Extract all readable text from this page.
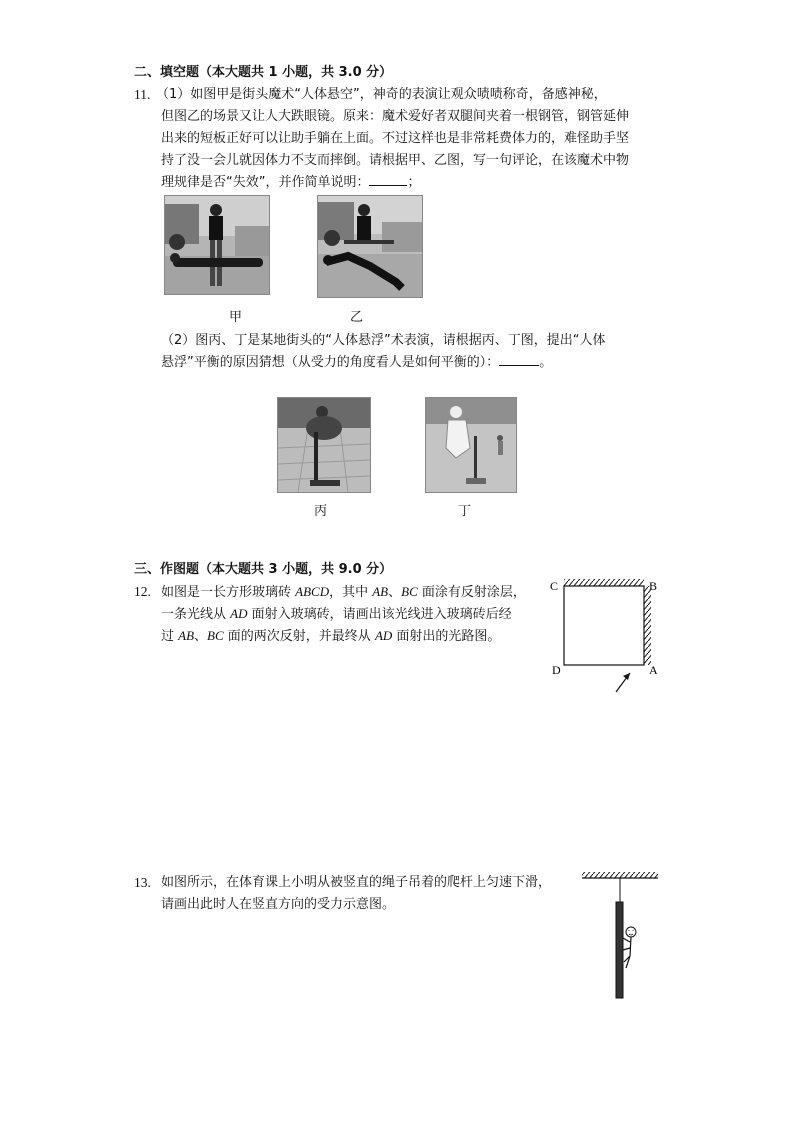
二、填空题（本大题共 1 小题，共 3.0 分）
11. （1）如图甲是街头魔术“人体悬空”，神奇的表演让观众啧啧称奇，备感神秘，
但图乙的场景又让人大跌眼镜。原来：魔术爱好者双腿间夹着一根钢管，钢管延伸
出来的短板正好可以让助手躺在上面。不过这样也是非常耗费体力的，难怪助手坚
持了没一会儿就因体力不支而摔倒。请根据甲、乙图，写一句评论，在该魔术中物
理规律是否“失效”，并作简单说明：	；
甲	乙
（2）图丙、丁是某地街头的“人体悬浮”术表演，请根据丙、丁图，提出“人体
悬浮”平衡的原因猜想（从受力的角度看人是如何平衡的）：	。
丙	丁
三、作图题（本大题共 3 小题，共 9.0 分）
12. 如图是一长方形玻璃砖 ABCD，其中 AB、BC 面涂有反射涂层，
一条光线从 AD 面射入玻璃砖，请画出该光线进入玻璃砖后经
过 AB、BC 面的两次反射，并最终从 AD 面射出的光路图。
C	B
D	A
13. 如图所示，在体育课上小明从被竖直的绳子吊着的爬杆上匀速下滑，
请画出此时人在竖直方向的受力示意图。
